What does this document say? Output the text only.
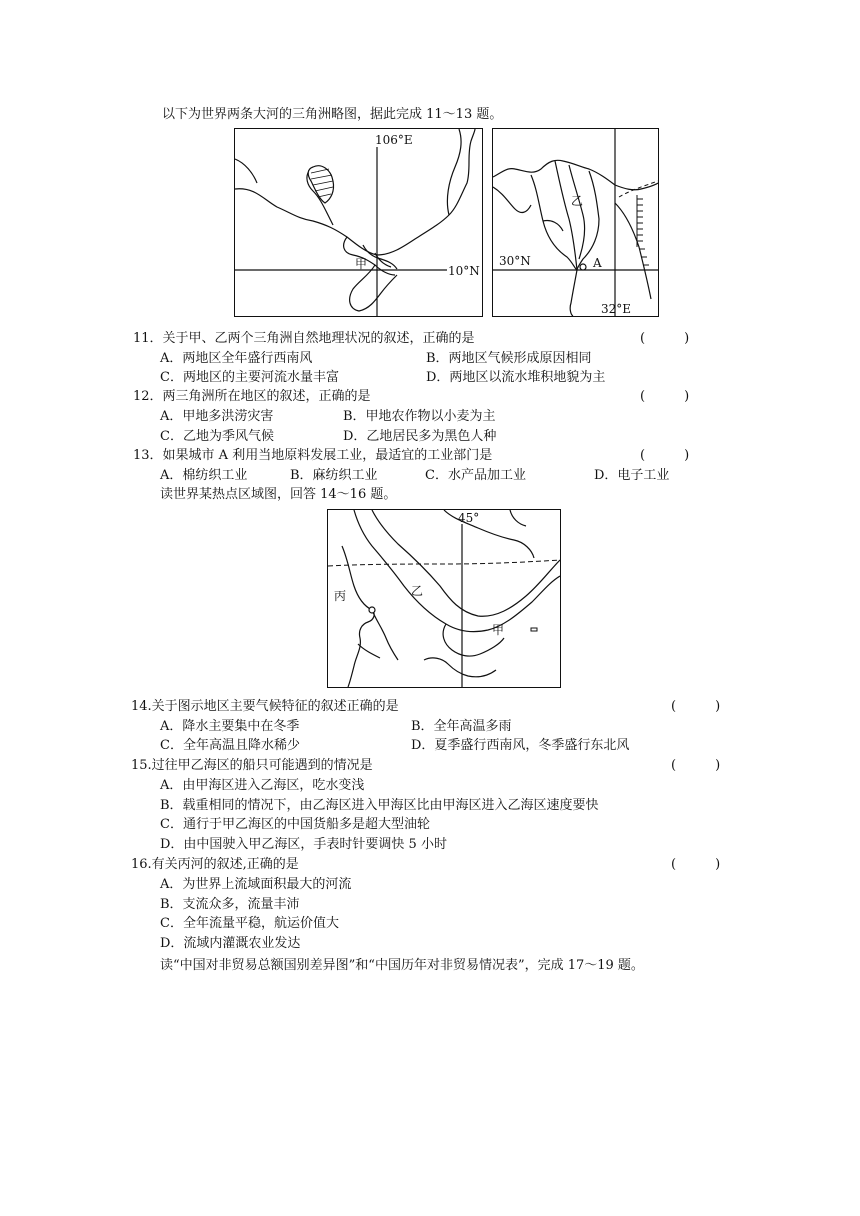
以下为世界两条大河的三角洲略图，据此完成 11～13 题。
106°E
10°N
甲	30°N	A
32°E
乙
11．关于甲、乙两个三角洲自然地理状况的叙述，正确的是	(　　　)
A．两地区全年盛行西南风	B．两地区气候形成原因相同
C．两地区的主要河流水量丰富	D．两地区以流水堆积地貌为主
12．两三角洲所在地区的叙述，正确的是	(　　　)
A．甲地多洪涝灾害	B．甲地农作物以小麦为主
C．乙地为季风气候	D．乙地居民多为黑色人种
13．如果城市 A 利用当地原料发展工业，最适宜的工业部门是	(　　　)
A．棉纺织工业	B．麻纺织工业	C．水产品加工业	D．电子工业
读世界某热点区域图，回答 14～16 题。
45°
丙	乙
甲
14.关于图示地区主要气候特征的叙述正确的是	(　　　)
A．降水主要集中在冬季	B．全年高温多雨
C．全年高温且降水稀少	D．夏季盛行西南风，冬季盛行东北风
15.过往甲乙海区的船只可能遇到的情况是	(　　　)
A．由甲海区进入乙海区，吃水变浅
B．载重相同的情况下，由乙海区进入甲海区比由甲海区进入乙海区速度要快
C．通行于甲乙海区的中国货船多是超大型油轮
D．由中国驶入甲乙海区，手表时针要调快 5 小时
16.有关丙河的叙述,正确的是	(　　　)
A．为世界上流域面积最大的河流
B．支流众多，流量丰沛
C．全年流量平稳，航运价值大
D．流域内灌溉农业发达
读“中国对非贸易总额国别差异图”和“中国历年对非贸易情况表”，完成 17～19 题。
